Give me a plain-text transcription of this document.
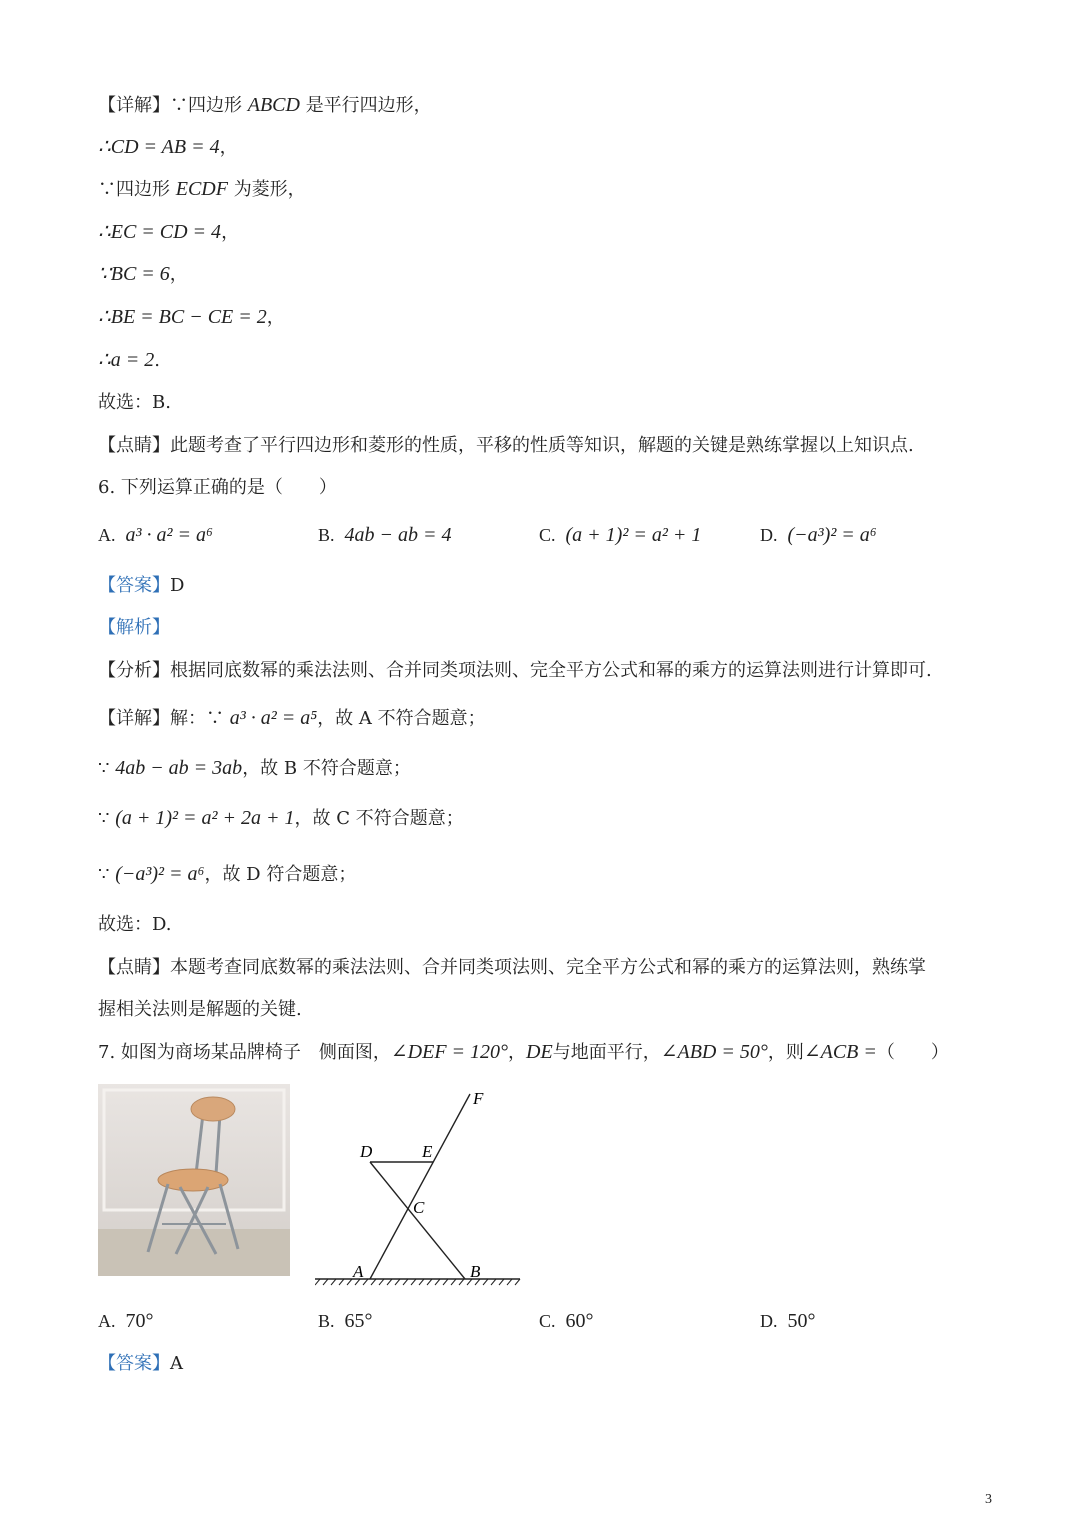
【详解】∵四边形 ABCD 是平行四边形，
∴CD = AB = 4，
∵四边形 ECDF 为菱形，
∴EC = CD = 4，
∵BC = 6，
∴BE = BC − CE = 2，
∴a = 2.
故选：B.
【点睛】此题考查了平行四边形和菱形的性质，平移的性质等知识，解题的关键是熟练掌握以上知识点.
6. 下列运算正确的是（　　）
A. a³ · a² = a⁶	B. 4ab − ab = 4	C. (a + 1)² = a² + 1	D. (−a³)² = a⁶
【答案】D
【解析】
【分析】根据同底数幂的乘法法则、合并同类项法则、完全平方公式和幂的乘方的运算法则进行计算即可.
【详解】解：∵ a³ · a² = a⁵，故 A 不符合题意；
∵ 4ab − ab = 3ab，故 B 不符合题意；
∵ (a + 1)² = a² + 2a + 1，故 C 不符合题意；
∵ (−a³)² = a⁶，故 D 符合题意；
故选：D.
【点睛】本题考查同底数幂的乘法法则、合并同类项法则、完全平方公式和幂的乘方的运算法则，熟练掌
握相关法则是解题的关键.
7. 如图为商场某品牌椅子　侧面图，∠DEF = 120°，DE与地面平行，∠ABD = 50°，则∠ACB =（　　）
F
D	E
C
A	B
A. 70°	B. 65°	C. 60°	D. 50°
【答案】A
3
